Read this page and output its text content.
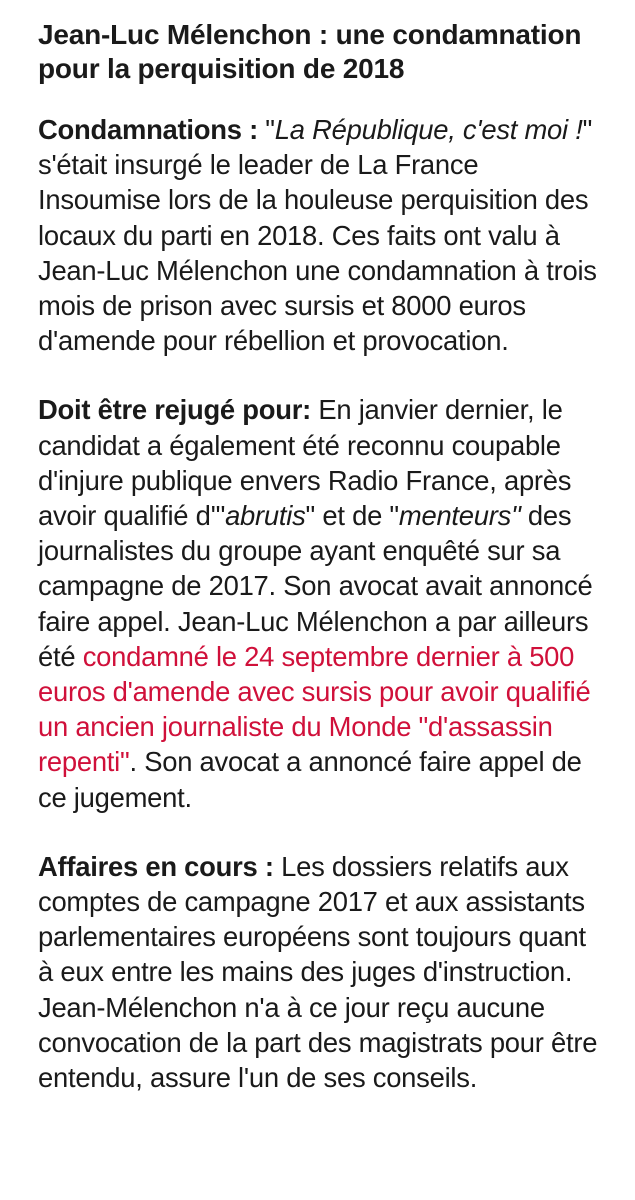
Jean-Luc Mélenchon : une condamnation pour la perquisition de 2018

Condamnations : "La République, c'est moi !" s'était insurgé le leader de La France Insoumise lors de la houleuse perquisition des locaux du parti en 2018. Ces faits ont valu à Jean-Luc Mélenchon une condamnation à trois mois de prison avec sursis et 8000 euros d'amende pour rébellion et provocation.

Doit être rejugé pour: En janvier dernier, le candidat a également été reconnu coupable d'injure publique envers Radio France, après avoir qualifié d'"abrutis" et de "menteurs" des journalistes du groupe ayant enquêté sur sa campagne de 2017. Son avocat avait annoncé faire appel. Jean-Luc Mélenchon a par ailleurs été condamné le 24 septembre dernier à 500 euros d'amende avec sursis pour avoir qualifié un ancien journaliste du Monde "d'assassin repenti". Son avocat a annoncé faire appel de ce jugement.

Affaires en cours : Les dossiers relatifs aux comptes de campagne 2017 et aux assistants parlementaires européens sont toujours quant à eux entre les mains des juges d'instruction. Jean-Mélenchon n'a à ce jour reçu aucune convocation de la part des magistrats pour être entendu, assure l'un de ses conseils.
